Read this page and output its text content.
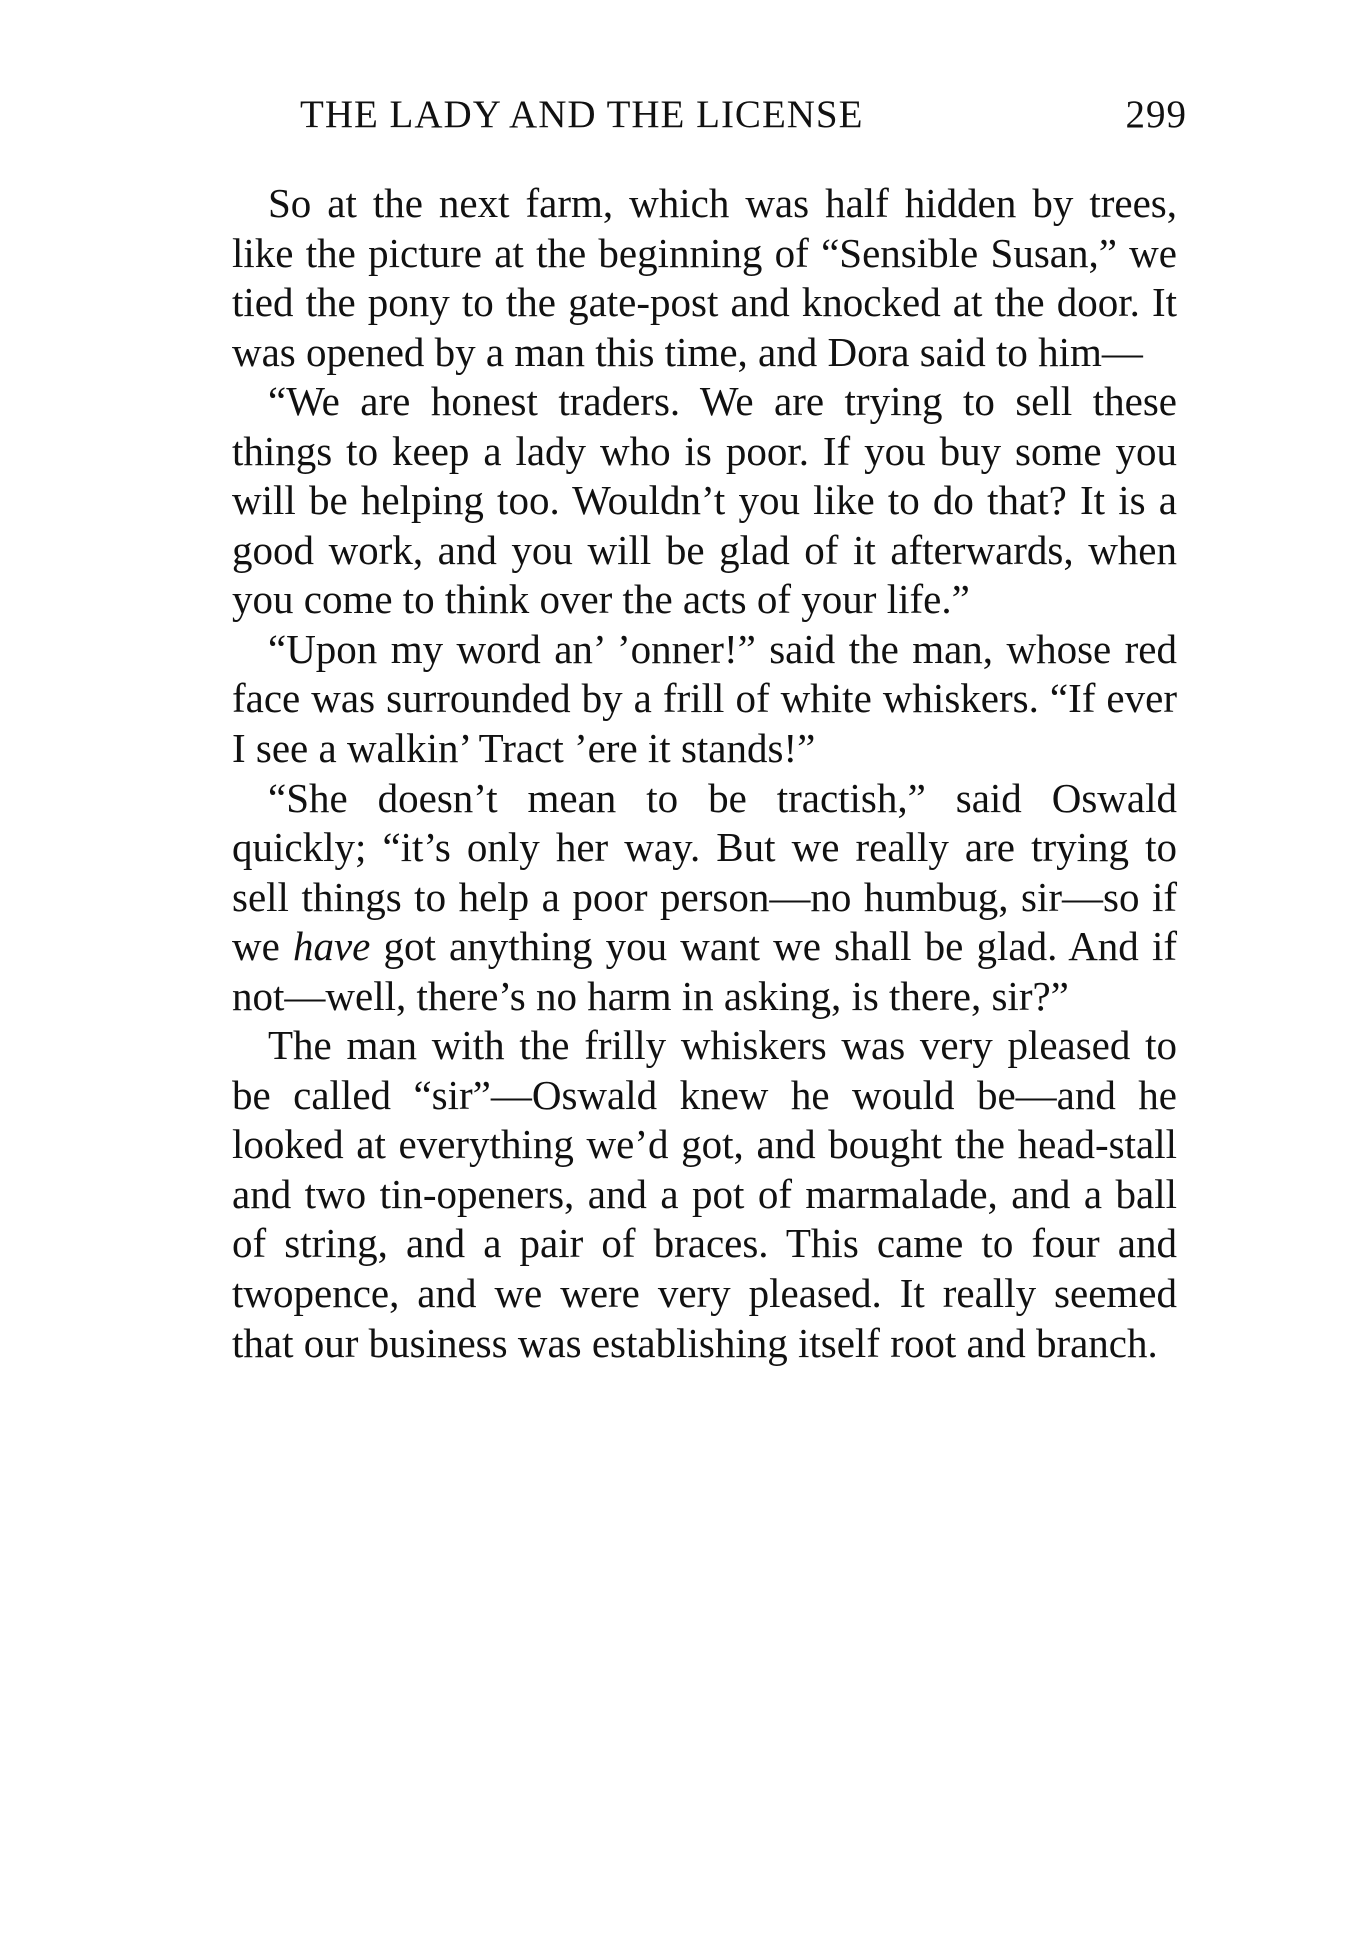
THE LADY AND THE LICENSE	299

So at the next farm, which was half hidden by trees, like the picture at the beginning of “Sensible Susan,” we tied the pony to the gate-post and knocked at the door. It was opened by a man this time, and Dora said to him—

“We are honest traders. We are trying to sell these things to keep a lady who is poor. If you buy some you will be helping too. Wouldn’t you like to do that? It is a good work, and you will be glad of it afterwards, when you come to think over the acts of your life.”

“Upon my word an’ ’onner!” said the man, whose red face was surrounded by a frill of white whiskers. “If ever I see a walkin’ Tract ’ere it stands!”

“She doesn’t mean to be tractish,” said Oswald quickly; “it’s only her way. But we really are trying to sell things to help a poor person—no humbug, sir—so if we have got anything you want we shall be glad. And if not—well, there’s no harm in asking, is there, sir?”

The man with the frilly whiskers was very pleased to be called “sir”—Oswald knew he would be—and he looked at everything we’d got, and bought the head-stall and two tin-openers, and a pot of marmalade, and a ball of string, and a pair of braces. This came to four and twopence, and we were very pleased. It really seemed that our business was establishing itself root and branch.
